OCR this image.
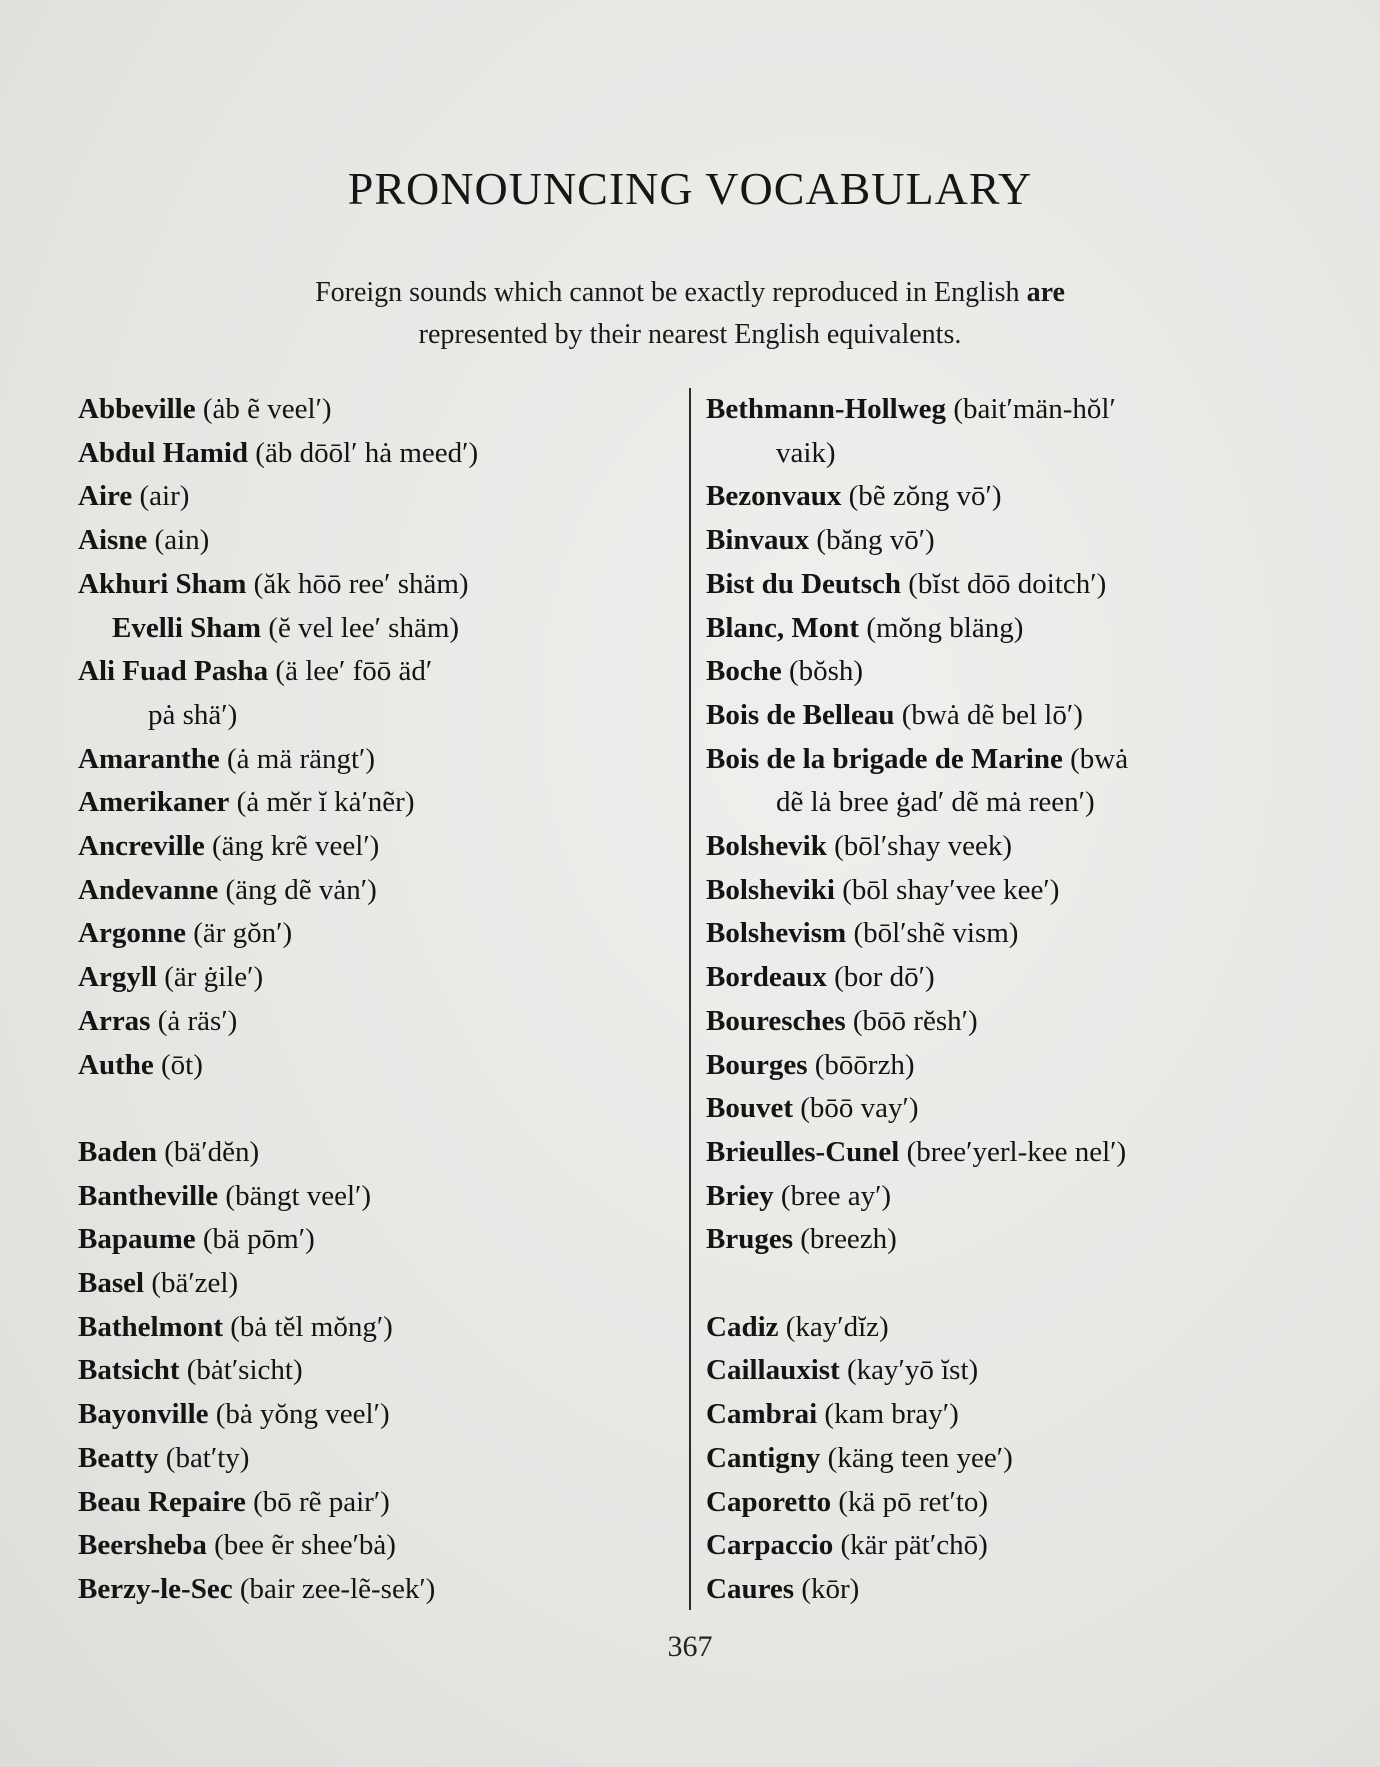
PRONOUNCING VOCABULARY
Foreign sounds which cannot be exactly reproduced in English are
represented by their nearest English equivalents.
Abbeville (ȧb ẽ veel′)
Abdul Hamid (äb dōōl′ hȧ meed′)
Aire (air)
Aisne (ain)
Akhuri Sham (ăk hōō ree′ shäm)
Evelli Sham (ĕ vel lee′ shäm)
Ali Fuad Pasha (ä lee′ fōō äd′
pȧ shä′)
Amaranthe (ȧ mä rängt′)
Amerikaner (ȧ mĕr ĭ kȧ′nẽr)
Ancreville (äng krẽ veel′)
Andevanne (äng dẽ vȧn′)
Argonne (är gŏn′)
Argyll (är ġile′)
Arras (ȧ räs′)
Authe (ōt)
Baden (bä′dĕn)
Bantheville (bängt veel′)
Bapaume (bä pōm′)
Basel (bä′zel)
Bathelmont (bȧ tĕl mŏng′)
Batsicht (bȧt′sicht)
Bayonville (bȧ yŏng veel′)
Beatty (bat′ty)
Beau Repaire (bō rẽ pair′)
Beersheba (bee ẽr shee′bȧ)
Berzy-le-Sec (bair zee-lẽ-sek′)
Bethmann-Hollweg (bait′män-hŏl′
vaik)
Bezonvaux (bẽ zŏng vō′)
Binvaux (băng vō′)
Bist du Deutsch (bĭst dōō doitch′)
Blanc, Mont (mŏng bläng)
Boche (bŏsh)
Bois de Belleau (bwȧ dẽ bel lō′)
Bois de la brigade de Marine (bwȧ
dẽ lȧ bree ġad′ dẽ mȧ reen′)
Bolshevik (bōl′shay veek)
Bolsheviki (bōl shay′vee kee′)
Bolshevism (bōl′shẽ vism)
Bordeaux (bor dō′)
Bouresches (bōō rĕsh′)
Bourges (bōōrzh)
Bouvet (bōō vay′)
Brieulles-Cunel (bree′yerl-kee nel′)
Briey (bree ay′)
Bruges (breezh)
Cadiz (kay′dĭz)
Caillauxist (kay′yō ĭst)
Cambrai (kam bray′)
Cantigny (käng teen yee′)
Caporetto (kä pō ret′to)
Carpaccio (kär pät′chō)
Caures (kōr)
367
